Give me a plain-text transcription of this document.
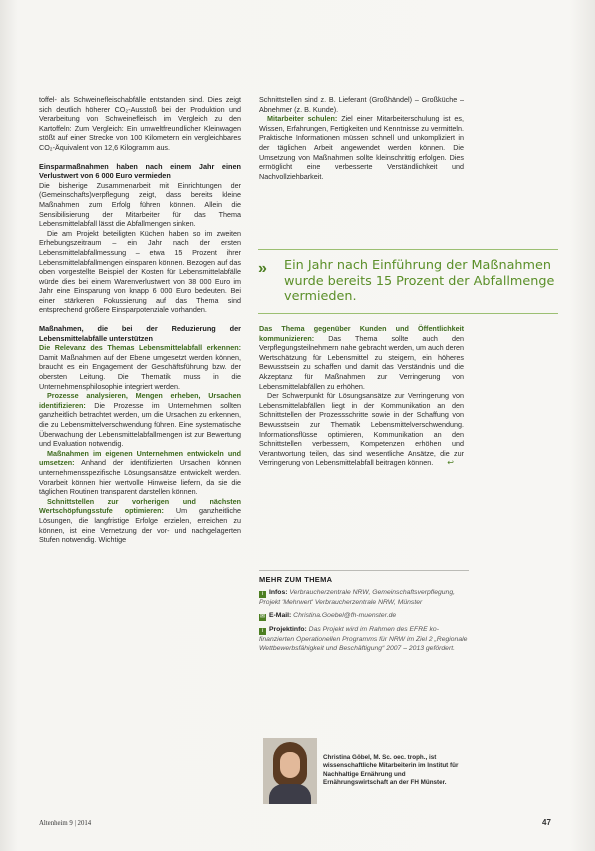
toffel- als Schweinefleischabfälle entstanden sind. Dies zeigt sich deutlich höherer CO₂-Ausstoß bei der Produktion und Verarbeitung von Schweinefleisch im Vergleich zu den Kartoffeln: Zum Vergleich: Ein umweltfreundlicher Kleinwagen stößt auf einer Strecke von 100 Kilometern ein vergleichbares CO₂-Äquivalent von 12,6 Kilogramm aus.

Einsparmaßnahmen haben nach einem Jahr einen Verlustwert von 6 000 Euro vermieden

Die bisherige Zusammenarbeit mit Einrichtungen der (Gemeinschafts)verpflegung zeigt, dass bereits kleine Maßnahmen zum Erfolg führen können. Allein die Sensibilisierung der Mitarbeiter für das Thema Lebensmittelabfall lässt die Abfallmengen sinken.

Die am Projekt beteiligten Küchen haben so im zweiten Erhebungszeitraum – ein Jahr nach der ersten Lebensmittelabfallmessung – etwa 15 Prozent ihrer Lebensmittelabfallmengen einsparen können. Bezogen auf das oben vorgestellte Beispiel der Kosten für Lebensmittelabfälle würde dies bei einem Warenverlustwert von 38 000 Euro im Jahr eine Einsparung von knapp 6 000 Euro bedeuten. Bei einer stärkeren Fokussierung auf das Thema sind entsprechend größere Einsparpotenziale vorhanden.

Maßnahmen, die bei der Reduzierung der Lebensmittelabfälle unterstützen

Die Relevanz des Themas Lebensmittelabfall erkennen: Damit Maßnahmen auf der Ebene umgesetzt werden können, braucht es ein Engagement der Geschäftsführung bzw. der obersten Leitung. Die Thematik muss in die Unternehmensphilosophie integriert werden.

Prozesse analysieren, Mengen erheben, Ursachen identifizieren: Die Prozesse im Unternehmen sollten ganzheitlich betrachtet werden, um die Ursachen zu erkennen, die zu Lebensmittelverschwendung führen. Eine systematische Überwachung der Lebensmittelabfallmengen ist zur Bewertung und Evaluation notwendig.

Maßnahmen im eigenen Unternehmen entwickeln und umsetzen: Anhand der identifizierten Ursachen können unternehmensspezifische Lösungsansätze entwickelt werden. Vorarbeit können hier wertvolle Hinweise liefern, da sie die täglichen Routinen transparent darstellen können.

Schnittstellen zur vorherigen und nächsten Wertschöpfungsstufe optimieren: Um ganzheitliche Lösungen, die langfristige Erfolge erzielen, erreichen zu können, ist eine Vernetzung der vor- und nachgelagerten Stufen notwendig. Wichtige

Schnittstellen sind z. B. Lieferant (Großhändel) – Großküche – Abnehmer (z. B. Kunde).

Mitarbeiter schulen: Ziel einer Mitarbeiterschulung ist es, Wissen, Erfahrungen, Fertigkeiten und Kenntnisse zu vermitteln. Praktische Informationen müssen schnell und unkompliziert in der täglichen Arbeit angewendet werden können. Die Umsetzung von Maßnahmen sollte kleinschrittig erfolgen. Dies ermöglicht eine verbesserte Verständlichkeit und Nachvollziehbarkeit.

»	Ein Jahr nach Einführung der Maßnahmen wurde bereits 15 Prozent der Abfallmenge vermieden.

Das Thema gegenüber Kunden und Öffentlichkeit kommunizieren: Das Thema sollte auch den Verpflegungsteilnehmern nahe gebracht werden, um auch deren Wertschätzung für Lebensmittel zu steigern, ein höheres Bewusstsein zu schaffen und damit das Verständnis und die Akzeptanz für Maßnahmen zur Verringerung von Lebensmittelabfällen zu erhöhen.

Der Schwerpunkt für Lösungsansätze zur Verringerung von Lebensmittelabfällen liegt in der Kommunikation an den Schnittstellen der Prozessschritte sowie in der Schaffung von Bewusstsein zur Thematik Lebensmittelverschwendung. Informationsflüsse optimieren, Kommunikation an den Schnittstellen verbessern, Kompetenzen erhöhen und Verantwortung teilen, das sind wesentliche Ansätze, die zur Verringerung von Lebensmittelabfall beitragen können. ↩

MEHR ZUM THEMA
i Infos: Verbraucherzentrale NRW, Gemeinschaftsverpflegung, Projekt 'Mehrwert' Verbraucherzentrale NRW, Münster
✉ E-Mail: Christina.Goebel@fh-muenster.de
i Projektinfo: Das Projekt wird im Rahmen des EFRE ko-finanzierten Operationellen Programms für NRW im Ziel 2 „Regionale Wettbewerbsfähigkeit und Beschäftigung“ 2007 – 2013 gefördert.
Christina Göbel, M. Sc. oec. troph., ist wissenschaftliche Mitarbeiterin im Institut für Nachhaltige Ernährung und Ernährungswirtschaft an der FH Münster.
Altenheim 9 | 2014	47
